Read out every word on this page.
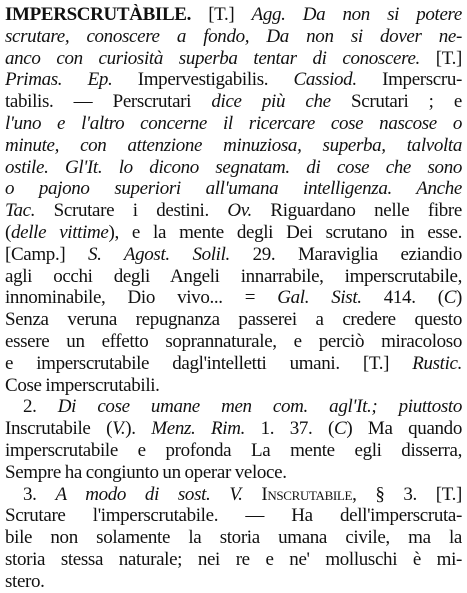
IMPERSCRUTÀBILE. [T.] Agg. Da non si potere
scrutare, conoscere a fondo, Da non si dover ne-
anco con curiosità superba tentar di conoscere. [T.]
Primas. Ep. Impervestigabilis. Cassiod. Imperscru-
tabilis. — Perscrutari dice più che Scrutari ; e
l'uno e l'altro concerne il ricercare cose nascose o
minute, con attenzione minuziosa, superba, talvolta
ostile. Gl'It. lo dicono segnatam. di cose che sono
o pajono superiori all'umana intelligenza. Anche
Tac. Scrutare i destini. Ov. Riguardano nelle fibre
(delle vittime), e la mente degli Dei scrutano in esse.
[Camp.] S. Agost. Solil. 29. Maraviglia eziandio
agli occhi degli Angeli innarrabile, imperscrutabile,
innominabile, Dio vivo... = Gal. Sist. 414. (C)
Senza veruna repugnanza passerei a credere questo
essere un effetto soprannaturale, e perciò miracoloso
e imperscrutabile dagl'intelletti umani. [T.] Rustic.
Cose imperscrutabili.
2. Di cose umane men com. agl'It.; piuttosto
Inscrutabile (V.). Menz. Rim. 1. 37. (C) Ma quando
imperscrutabile e profonda La mente egli disserra,
Sempre ha congiunto un operar veloce.
3. A modo di sost. V. Inscrutabile, § 3. [T.]
Scrutare l'imperscrutabile. — Ha dell'imperscruta-
bile non solamente la storia umana civile, ma la
storia stessa naturale; nei re e ne' molluschi è mi-
stero.
